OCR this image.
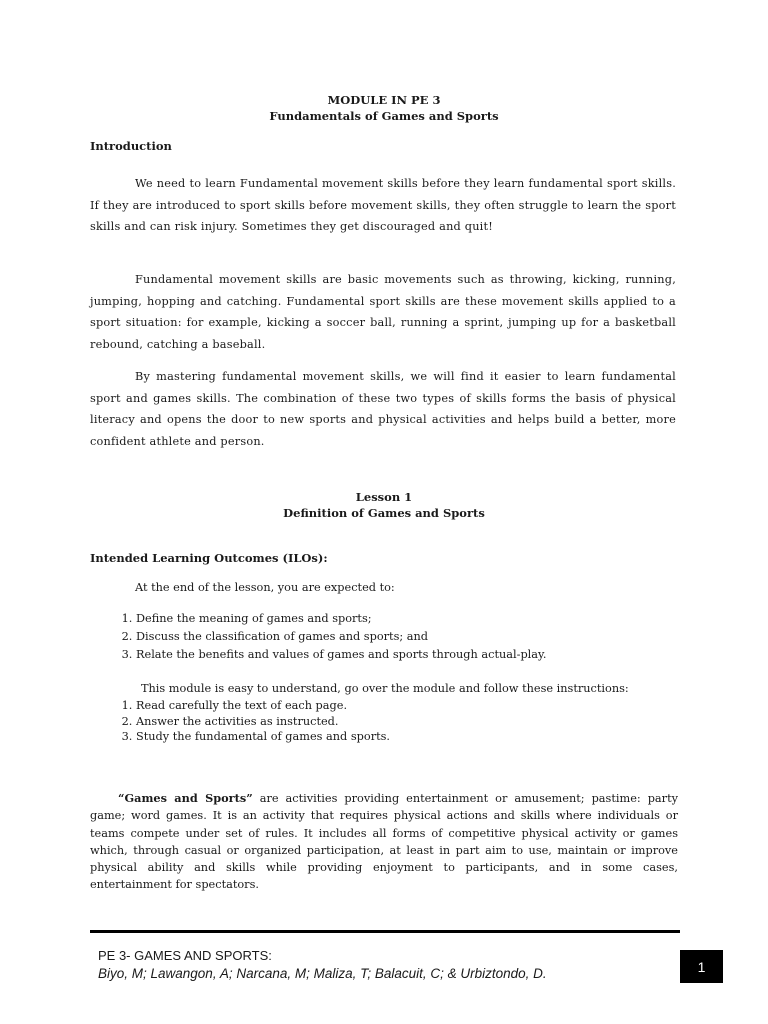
MODULE IN PE 3
Fundamentals of Games and Sports
Introduction

We need to learn Fundamental movement skills before they learn fundamental sport skills. If they are introduced to sport skills before movement skills, they often struggle to learn the sport skills and can risk injury. Sometimes they get discouraged and quit!

Fundamental movement skills are basic movements such as throwing, kicking, running, jumping, hopping and catching. Fundamental sport skills are these movement skills applied to a sport situation: for example, kicking a soccer ball, running a sprint, jumping up for a basketball rebound, catching a baseball.

By mastering fundamental movement skills, we will find it easier to learn fundamental sport and games skills. The combination of these two types of skills forms the basis of physical literacy and opens the door to new sports and physical activities and helps build a better, more confident athlete and person.

Lesson 1
Definition of Games and Sports
Intended Learning Outcomes (ILOs):
At the end of the lesson, you are expected to:
1. Define the meaning of games and sports;
2. Discuss the classification of games and sports; and
3. Relate the benefits and values of games and sports through actual-play.
This module is easy to understand, go over the module and follow these instructions:
1. Read carefully the text of each page.
2. Answer the activities as instructed.
3. Study the fundamental of games and sports.

“Games and Sports” are activities providing entertainment or amusement; pastime: party game; word games. It is an activity that requires physical actions and skills where individuals or teams compete under set of rules. It includes all forms of competitive physical activity or games which, through casual or organized participation, at least in part aim to use, maintain or improve physical ability and skills while providing enjoyment to participants, and in some cases, entertainment for spectators.

PE 3- GAMES AND SPORTS:
Biyo, M; Lawangon, A; Narcana, M; Maliza, T; Balacuit, C; & Urbiztondo, D.	1
